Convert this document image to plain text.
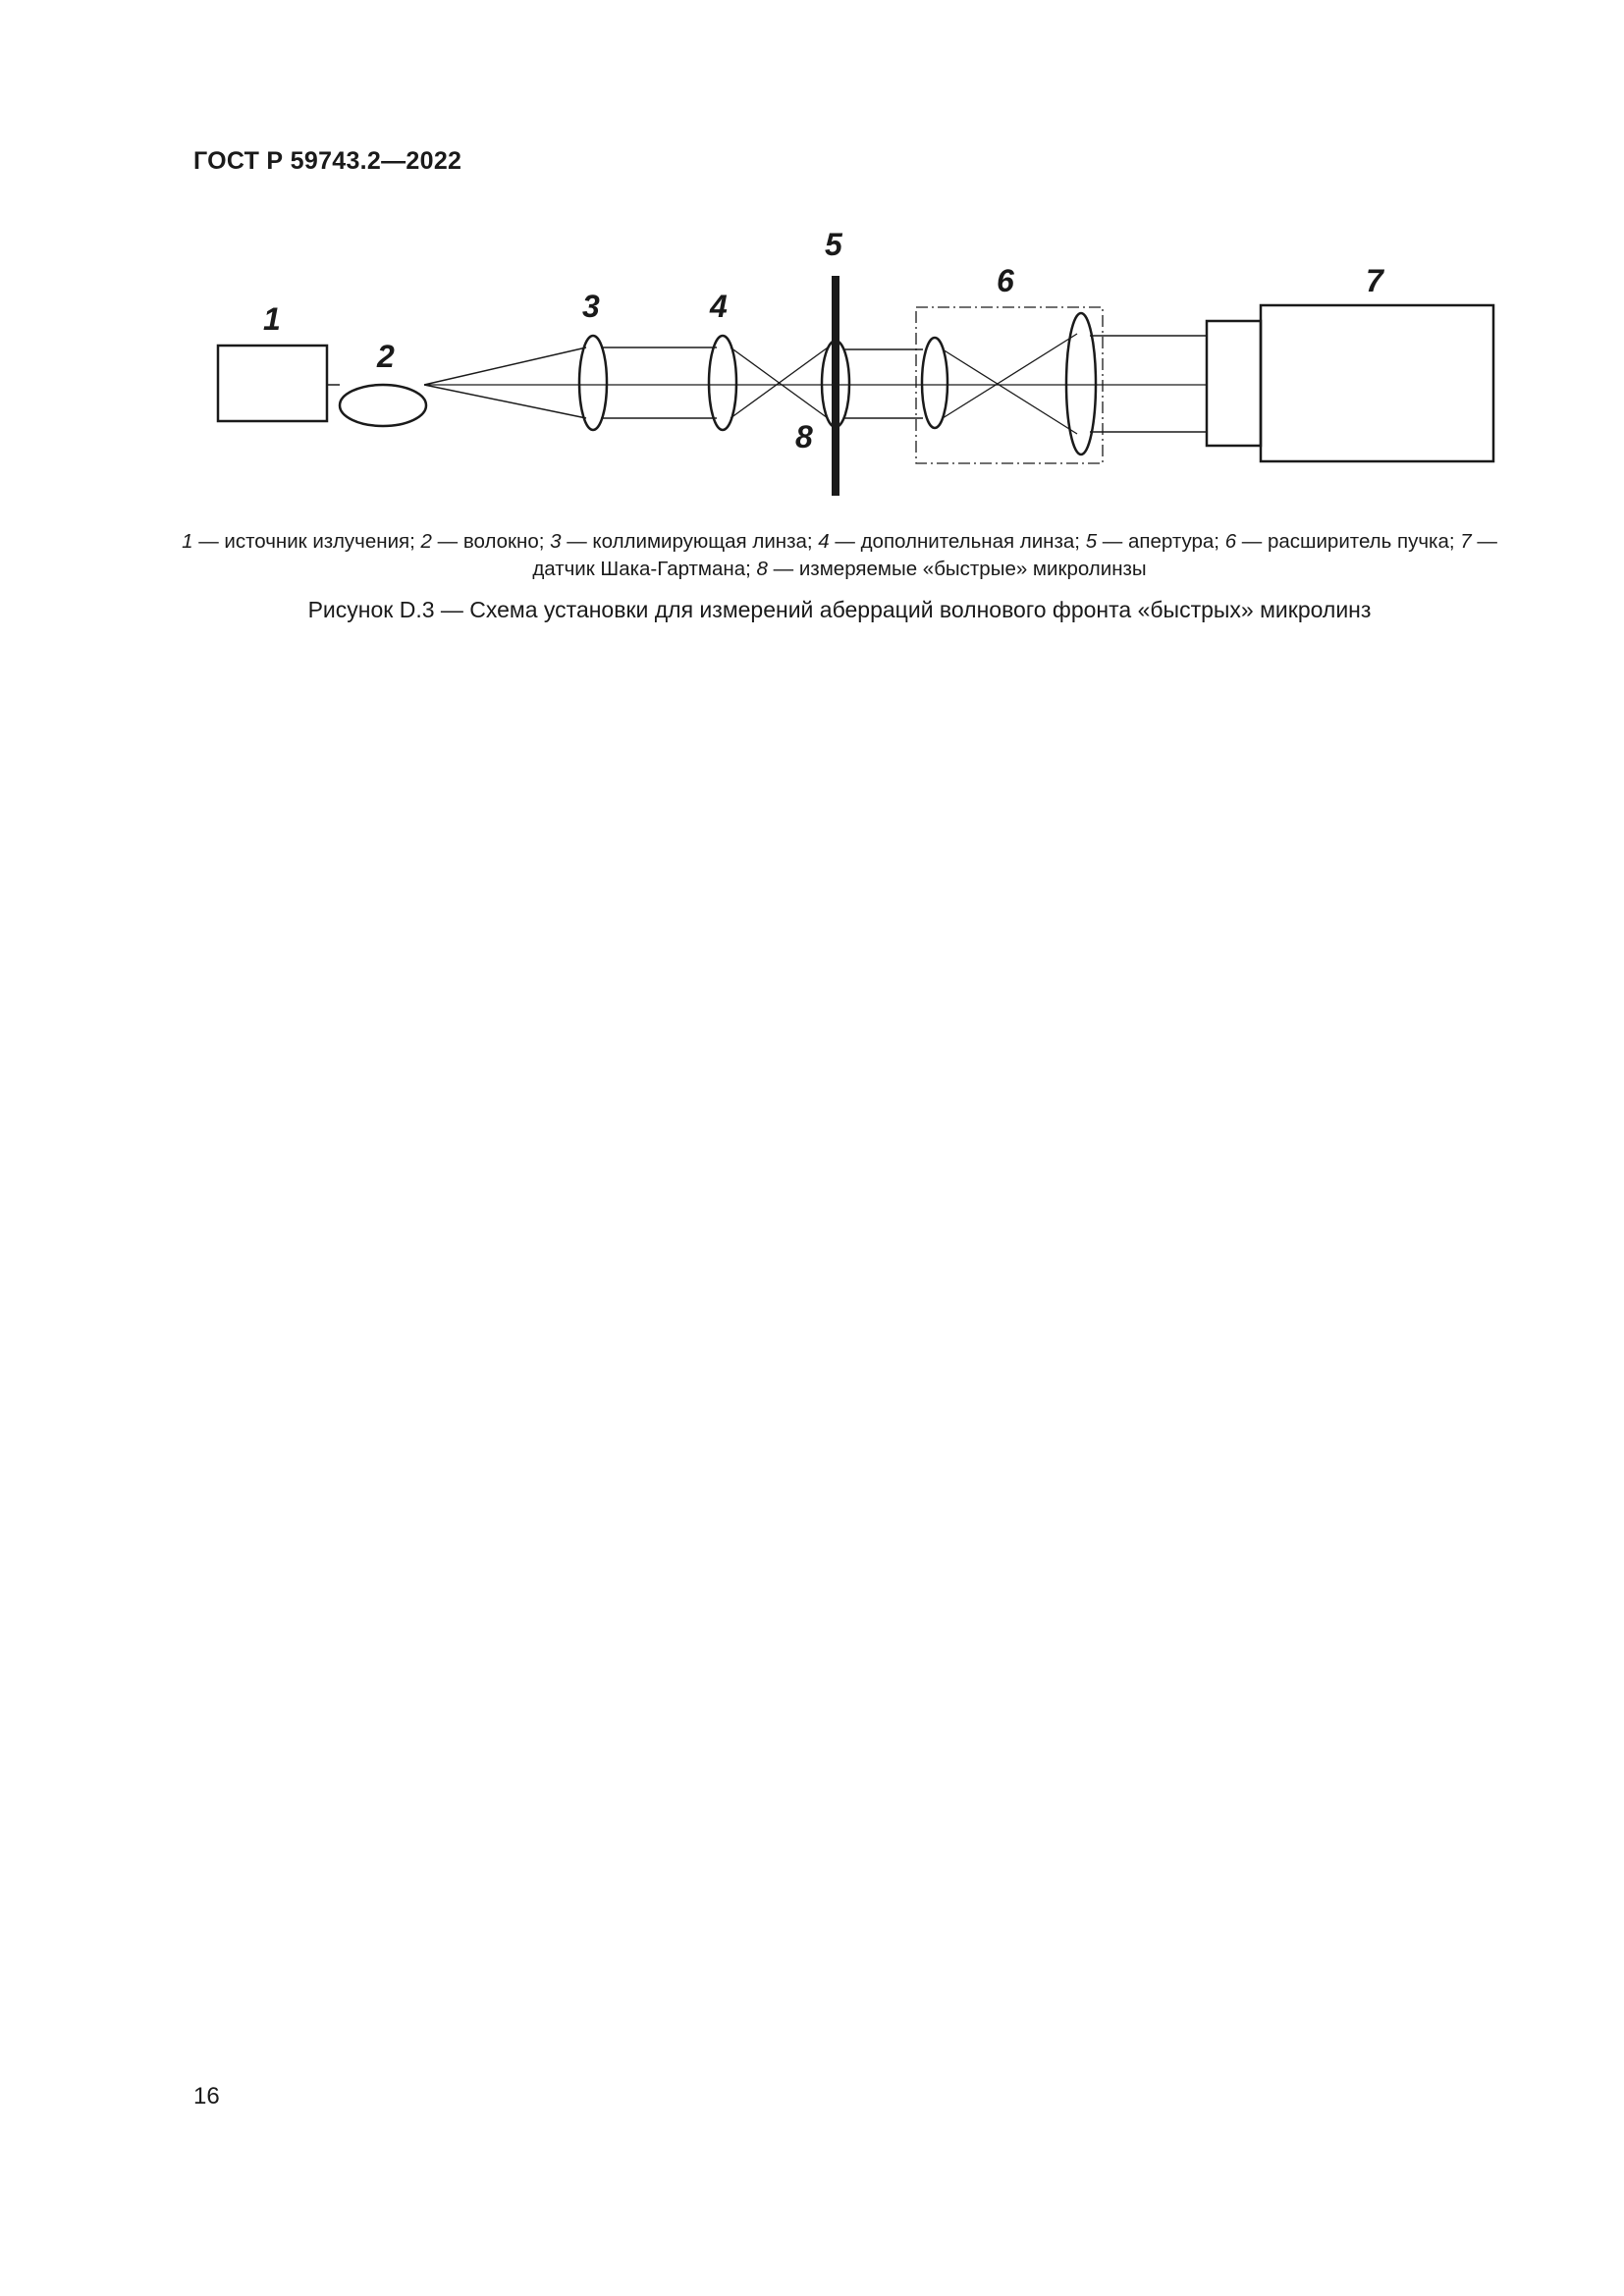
ГОСТ Р 59743.2—2022
1
2
3	4
5
6	7
8
1 — источник излучения; 2 — волокно; 3 — коллимирующая линза; 4 — дополнительная линза; 5 — апертура; 6 — расширитель пучка; 7 — датчик Шака-Гартмана; 8 — измеряемые «быстрые» микролинзы
Рисунок D.3 — Схема установки для измерений аберраций волнового фронта «быстрых» микролинз
16
